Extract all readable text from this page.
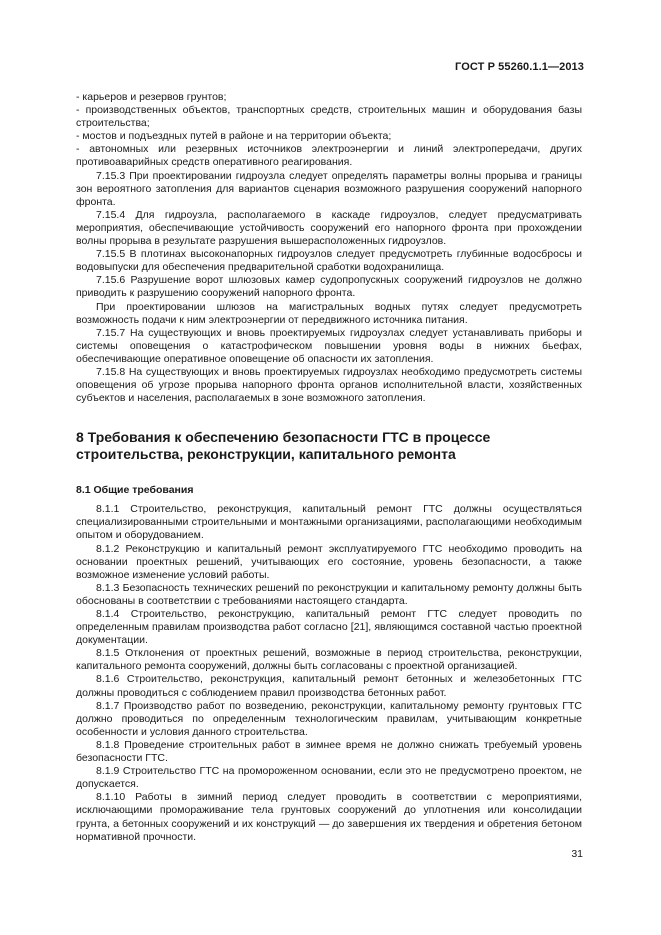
ГОСТ Р 55260.1.1—2013

- карьеров и резервов грунтов;

- производственных объектов, транспортных средств, строительных машин и оборудования базы строительства;

- мостов и подъездных путей в районе и на территории объекта;

- автономных или резервных источников электроэнергии и линий электропередачи, других противоаварийных средств оперативного реагирования.

7.15.3 При проектировании гидроузла следует определять параметры волны прорыва и границы зон вероятного затопления для вариантов сценария возможного разрушения сооружений напорного фронта.

7.15.4 Для гидроузла, располагаемого в каскаде гидроузлов, следует предусматривать мероприятия, обеспечивающие устойчивость сооружений его напорного фронта при прохождении волны прорыва в результате разрушения вышерасположенных гидроузлов.

7.15.5 В плотинах высоконапорных гидроузлов следует предусмотреть глубинные водосбросы и водовыпуски для обеспечения предварительной сработки водохранилища.

7.15.6 Разрушение ворот шлюзовых камер судопропускных сооружений гидроузлов не должно приводить к разрушению сооружений напорного фронта.

При проектировании шлюзов на магистральных водных путях следует предусмотреть возможность подачи к ним электроэнергии от передвижного источника питания.

7.15.7 На существующих и вновь проектируемых гидроузлах следует устанавливать приборы и системы оповещения о катастрофическом повышении уровня воды в нижних бьефах, обеспечивающие оперативное оповещение об опасности их затопления.

7.15.8 На существующих и вновь проектируемых гидроузлах необходимо предусмотреть системы оповещения об угрозе прорыва напорного фронта органов исполнительной власти, хозяйственных субъектов и населения, располагаемых в зоне возможного затопления.

8 Требования к обеспечению безопасности ГТС в процессе строительства, реконструкции, капитального ремонта
8.1 Общие требования

8.1.1 Строительство, реконструкция, капитальный ремонт ГТС должны осуществляться специализированными строительными и монтажными организациями, располагающими необходимым опытом и оборудованием.

8.1.2 Реконструкцию и капитальный ремонт эксплуатируемого ГТС необходимо проводить на основании проектных решений, учитывающих его состояние, уровень безопасности, а также возможное изменение условий работы.

8.1.3 Безопасность технических решений по реконструкции и капитальному ремонту должны быть обоснованы в соответствии с требованиями настоящего стандарта.

8.1.4 Строительство, реконструкцию, капитальный ремонт ГТС следует проводить по определенным правилам производства работ согласно [21], являющимся составной частью проектной документации.

8.1.5 Отклонения от проектных решений, возможные в период строительства, реконструкции, капитального ремонта сооружений, должны быть согласованы с проектной организацией.

8.1.6 Строительство, реконструкция, капитальный ремонт бетонных и железобетонных ГТС должны проводиться с соблюдением правил производства бетонных работ.

8.1.7 Производство работ по возведению, реконструкции, капитальному ремонту грунтовых ГТС должно проводиться по определенным технологическим правилам, учитывающим конкретные особенности и условия данного строительства.

8.1.8 Проведение строительных работ в зимнее время не должно снижать требуемый уровень безопасности ГТС.

8.1.9 Строительство ГТС на промороженном основании, если это не предусмотрено проектом, не допускается.

8.1.10 Работы в зимний период следует проводить в соответствии с мероприятиями, исключающими промораживание тела грунтовых сооружений до уплотнения или консолидации грунта, а бетонных сооружений и их конструкций — до завершения их твердения и обретения бетоном нормативной прочности.

31
